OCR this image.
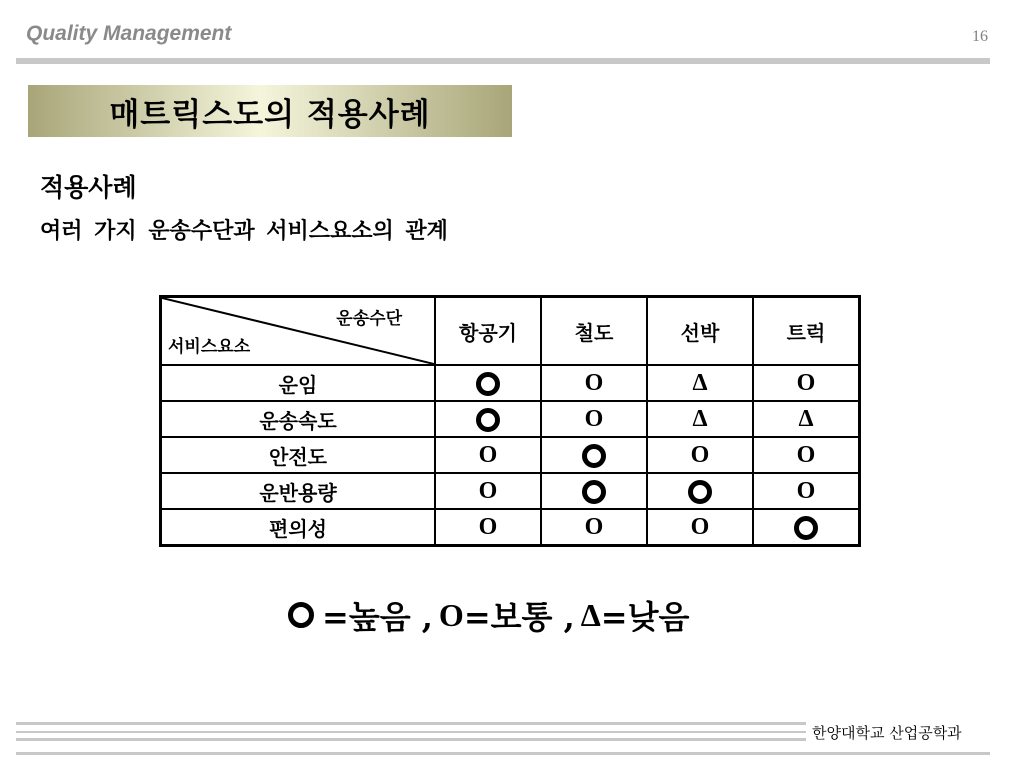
Quality Management	16
매트릭스도의 적용사례
적용사례
여러 가지 운송수단과 서비스요소의 관계
운송수단
서비스요소	항공기	철도	선박	트럭
운임		O	Δ	O
운송속도		O	Δ	Δ
안전도	O		O	O
운반용량	O			O
편의성	O	O	O	
=높음 , O =보통 , Δ =낮음
한양대학교 산업공학과
